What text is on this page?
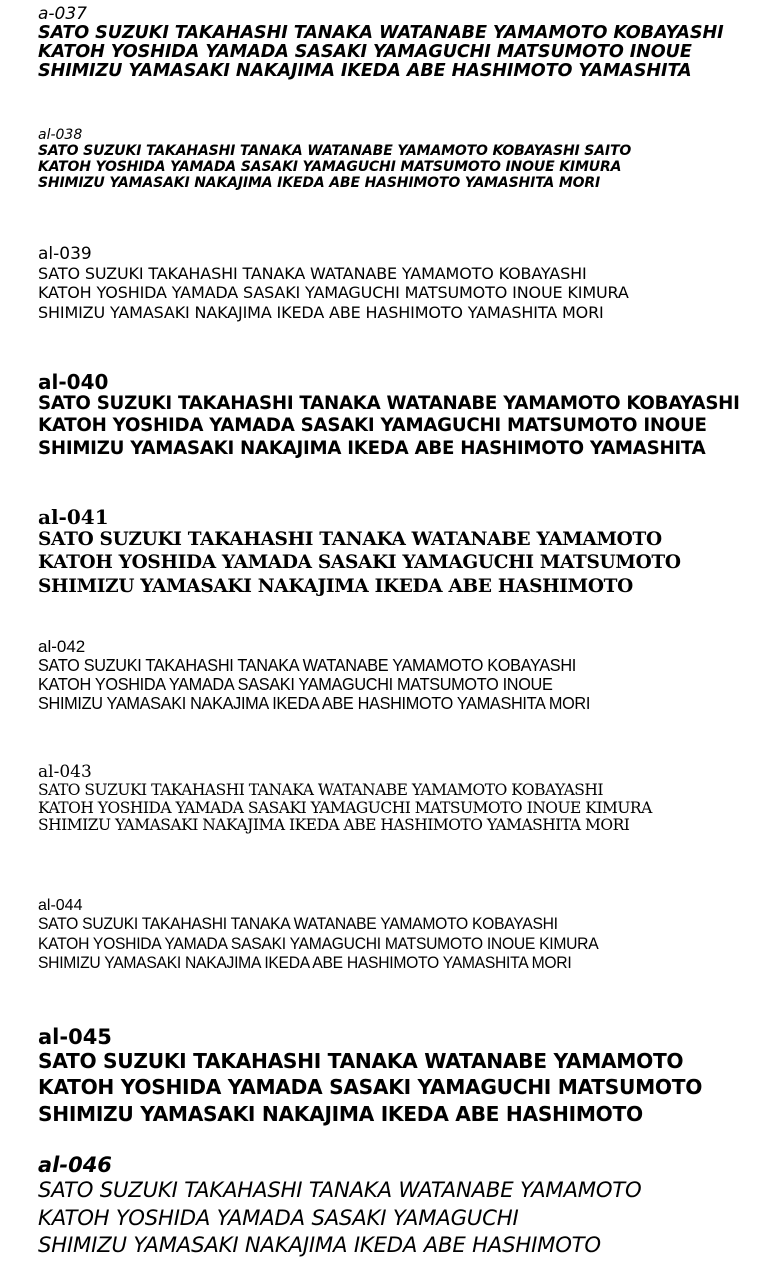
a-037
SATO SUZUKI TAKAHASHI TANAKA WATANABE YAMAMOTO KOBAYASHI
KATOH YOSHIDA YAMADA SASAKI YAMAGUCHI MATSUMOTO INOUE
SHIMIZU YAMASAKI NAKAJIMA IKEDA ABE HASHIMOTO YAMASHITA
al-038
SATO SUZUKI TAKAHASHI TANAKA WATANABE YAMAMOTO KOBAYASHI SAITO
KATOH YOSHIDA YAMADA SASAKI YAMAGUCHI MATSUMOTO INOUE KIMURA
SHIMIZU YAMASAKI NAKAJIMA IKEDA ABE HASHIMOTO YAMASHITA MORI
al-039
SATO SUZUKI TAKAHASHI TANAKA WATANABE YAMAMOTO KOBAYASHI
KATOH YOSHIDA YAMADA SASAKI YAMAGUCHI MATSUMOTO INOUE KIMURA
SHIMIZU YAMASAKI NAKAJIMA IKEDA ABE HASHIMOTO YAMASHITA MORI
al-040
SATO SUZUKI TAKAHASHI TANAKA WATANABE YAMAMOTO KOBAYASHI
KATOH YOSHIDA YAMADA SASAKI YAMAGUCHI MATSUMOTO INOUE
SHIMIZU YAMASAKI NAKAJIMA IKEDA ABE HASHIMOTO YAMASHITA
al-041
SATO SUZUKI TAKAHASHI TANAKA WATANABE YAMAMOTO
KATOH YOSHIDA YAMADA SASAKI YAMAGUCHI MATSUMOTO
SHIMIZU YAMASAKI NAKAJIMA IKEDA ABE HASHIMOTO
al-042
SATO SUZUKI TAKAHASHI TANAKA WATANABE YAMAMOTO KOBAYASHI
KATOH YOSHIDA YAMADA SASAKI YAMAGUCHI MATSUMOTO INOUE
SHIMIZU YAMASAKI NAKAJIMA IKEDA ABE HASHIMOTO YAMASHITA MORI
al-043
SATO SUZUKI TAKAHASHI TANAKA WATANABE YAMAMOTO KOBAYASHI
KATOH YOSHIDA YAMADA SASAKI YAMAGUCHI MATSUMOTO INOUE KIMURA
SHIMIZU YAMASAKI NAKAJIMA IKEDA ABE HASHIMOTO YAMASHITA MORI
al-044
SATO SUZUKI TAKAHASHI TANAKA WATANABE YAMAMOTO KOBAYASHI
KATOH YOSHIDA YAMADA SASAKI YAMAGUCHI MATSUMOTO INOUE KIMURA
SHIMIZU YAMASAKI NAKAJIMA IKEDA ABE HASHIMOTO YAMASHITA MORI
al-045
SATO SUZUKI TAKAHASHI TANAKA WATANABE YAMAMOTO
KATOH YOSHIDA YAMADA SASAKI YAMAGUCHI MATSUMOTO
SHIMIZU YAMASAKI NAKAJIMA IKEDA ABE HASHIMOTO
al-046
SATO SUZUKI TAKAHASHI TANAKA WATANABE YAMAMOTO
KATOH YOSHIDA YAMADA SASAKI YAMAGUCHI
SHIMIZU YAMASAKI NAKAJIMA IKEDA ABE HASHIMOTO
